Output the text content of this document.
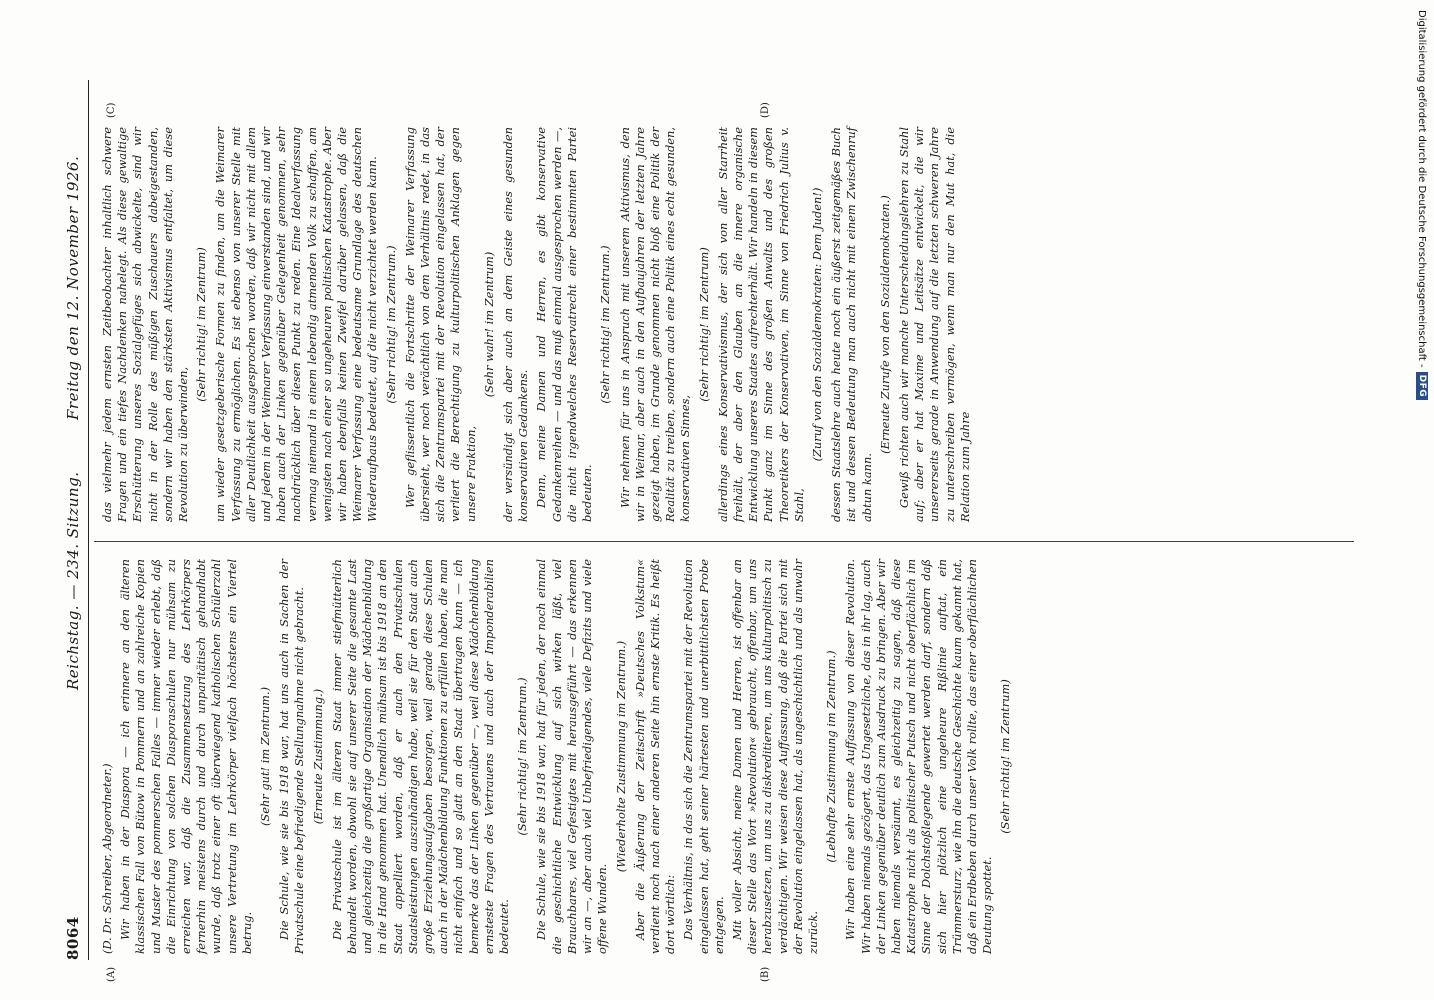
8064
Reichstag. — 234. Sitzung.
Freitag den 12. November 1926.
(A)	(B)
(C)	(D)

(D. Dr. Schreiber, Abgeordneter.) Wir haben in der Diaspora — ich erinnere an den älteren klassischen Fall von Bütow in Pommern und an zahlreiche Kopien und Muster des pommerschen Falles — immer wieder erlebt, daß die Einrichtung von solchen Diasporaschulen nur mühsam zu erreichen war, daß die Zusammensetzung des Lehrkörpers fernerhin meistens durch und durch unparitätisch gehandhabt wurde, daß trotz einer oft überwiegend katholischen Schülerzahl unsere Vertretung im Lehrkörper vielfach höchstens ein Viertel betrug.

(Sehr gut! im Zentrum.) Die Schule, wie sie bis 1918 war, hat uns auch in Sachen der Privatschule eine befriedigende Stellungnahme nicht gebracht. (Erneute Zustimmung.) Die Privatschule ist im älteren Staat immer stiefmütterlich behandelt worden, obwohl sie auf unserer Seite die gesamte Last und gleichzeitig die großartige Organisation der Mädchenbildung in die Hand genommen hat. Unendlich mühsam ist bis 1918 an den Staat appelliert worden, daß er auch den Privatschulen Staatsleistungen auszuhändigen habe, weil sie für den Staat auch große Erziehungsaufgaben besorgen, weil gerade diese Schulen auch in der Mädchenbildung Funktionen zu erfüllen haben, die man nicht einfach und so glatt an den Staat übertragen kann — ich bemerke das der Linken gegenüber —, weil diese Mädchenbildung ernsteste Fragen des Vertrauens und auch der Imponderabilien bedeutet.

(Sehr richtig! im Zentrum.) Die Schule, wie sie bis 1918 war, hat für jeden, der noch einmal die geschichtliche Entwicklung auf sich wirken läßt, viel Brauchbares, viel Gefestigtes mit herausgeführt — das erkennen wir an —, aber auch viel Unbefriedigendes, viele Defizits und viele offene Wunden.

(Wiederholte Zustimmung im Zentrum.) Aber die Äußerung der Zeitschrift »Deutsches Volkstum« verdient noch nach einer anderen Seite hin ernste Kritik. Es heißt dort wörtlich: Das Verhältnis, in das sich die Zentrumspartei mit der Revolution eingelassen hat, geht seiner härtesten und unerbittlichsten Probe entgegen. Mit voller Absicht, meine Damen und Herren, ist offenbar an dieser Stelle das Wort »Revolution« gebraucht, offenbar, um uns herabzusetzen, um uns zu diskreditieren, um uns kulturpolitisch zu verdächtigen. Wir weisen diese Auffassung, daß die Partei sich mit der Revolution eingelassen hat, als ungeschichtlich und als unwahr zurück.

(Lebhafte Zustimmung im Zentrum.) Wir haben eine sehr ernste Auffassung von dieser Revolution. Wir haben niemals gezögert, das Ungesetzliche, das in ihr lag, auch der Linken gegenüber deutlich zum Ausdruck zu bringen. Aber wir haben niemals versäumt, es gleichzeitig zu sagen, daß diese Katastrophe nicht als politischer Putsch und nicht oberflächlich im Sinne der Dolchstoßlegende gewertet werden darf, sondern daß sich hier plötzlich eine ungeheure Rißlinie auftat, ein Trümmersturz, wie ihn die deutsche Geschichte kaum gekannt hat, daß ein Erdbeben durch unser Volk rollte, das einer oberflächlichen Deutung spottet.

(Sehr richtig! im Zentrum)

das vielmehr jedem ernsten Zeitbeobachter inhaltlich schwere Fragen und ein tiefes Nachdenken nahelegt. Als diese gewaltige Erschütterung unseres Sozialgefüges sich abwickelte, sind wir nicht in der Rolle des müßigen Zuschauers dabeigestanden, sondern wir haben den stärksten Aktivismus entfaltet, um diese Revolution zu überwinden,

(Sehr richtig! im Zentrum) um wieder gesetzgeberische Formen zu finden, um die Weimarer Verfassung zu ermöglichen. Es ist ebenso von unserer Stelle mit aller Deutlichkeit ausgesprochen worden, daß wir nicht mit allem und jedem in der Weimarer Verfassung einverstanden sind, und wir haben auch der Linken gegenüber Gelegenheit genommen, sehr nachdrücklich über diesen Punkt zu reden. Eine Idealverfassung vermag niemand in einem lebendig atmenden Volk zu schaffen, am wenigsten nach einer so ungeheuren politischen Katastrophe. Aber wir haben ebenfalls keinen Zweifel darüber gelassen, daß die Weimarer Verfassung eine bedeutsame Grundlage des deutschen Wiederaufbaus bedeutet, auf die nicht verzichtet werden kann. (Sehr richtig! im Zentrum.) Wer geflissentlich die Fortschritte der Weimarer Verfassung übersieht, wer noch verächtlich von dem Verhältnis redet, in das sich die Zentrumspartei mit der Revolution eingelassen hat, der verliert die Berechtigung zu kulturpolitischen Anklagen gegen unsere Fraktion,

(Sehr wahr! im Zentrum) der versündigt sich aber auch an dem Geiste eines gesunden konservativen Gedankens. Denn, meine Damen und Herren, es gibt konservative Gedankenreihen — und das muß einmal ausgesprochen werden —, die nicht irgendwelches Reservatrecht einer bestimmten Partei bedeuten.

(Sehr richtig! im Zentrum.) Wir nehmen für uns in Anspruch mit unserem Aktivismus, den wir in Weimar, aber auch in den Aufbaujahren der letzten Jahre gezeigt haben, im Grunde genommen nicht bloß eine Politik der Realität zu treiben, sondern auch eine Politik eines echt gesunden, konservativen Sinnes,

(Sehr richtig! im Zentrum) allerdings eines Konservativismus, der sich von aller Starrheit freihält, der aber den Glauben an die innere organische Entwicklung unseres Staates aufrechterhält. Wir handeln in diesem Punkt ganz im Sinne des großen Anwalts und des großen Theoretikers der Konservativen, im Sinne von Friedrich Julius v. Stahl,

(Zuruf von den Sozialdemokraten: Dem Juden!) dessen Staatslehre auch heute noch ein äußerst zeitgemäßes Buch ist und dessen Bedeutung man auch nicht mit einem Zwischenruf abtun kann.

(Erneute Zurufe von den Sozialdemokraten.) Gewiß richten auch wir manche Unterscheidungslehren zu Stahl auf; aber er hat Maxime und Leitsätze entwickelt, die wir unsererseits gerade in Anwendung auf die letzten schweren Jahre zu unterschreiben vermögen, wenn man nur den Mut hat, die Relation zum Jahre

Digitalisierung gefördert durch die Deutsche Forschungsgemeinschaft -
DFG
